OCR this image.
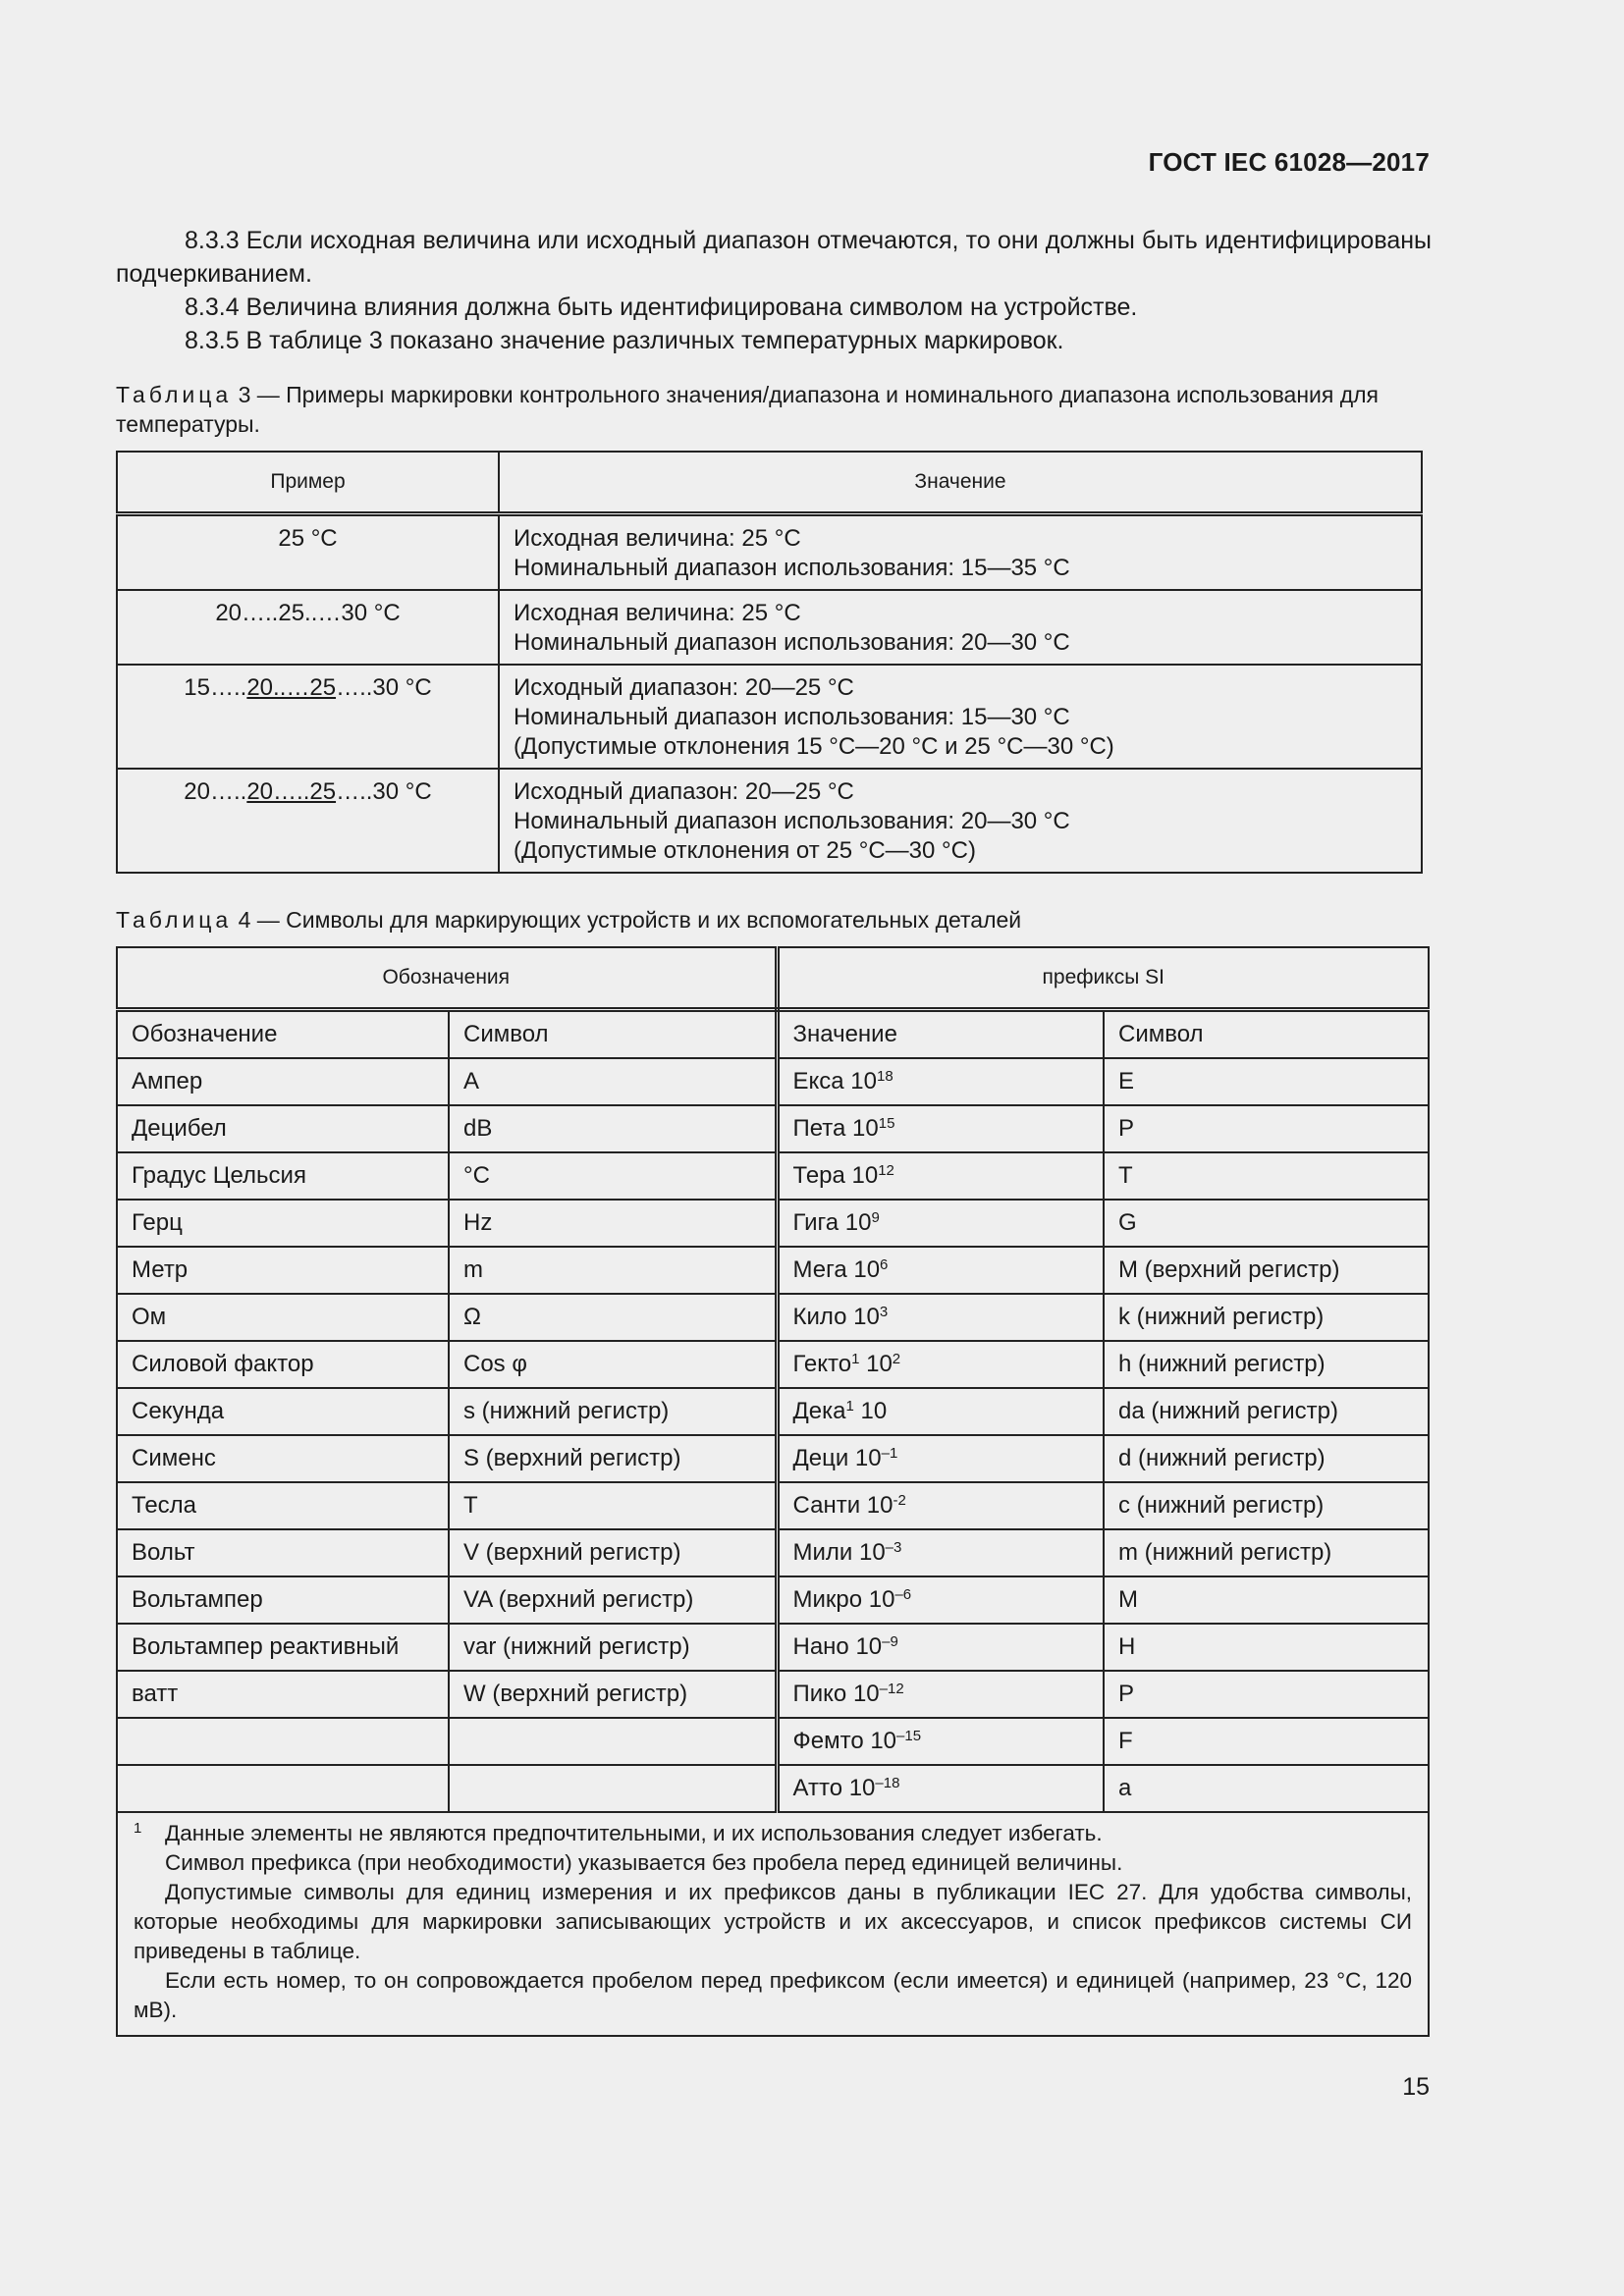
ГОСТ IEC 61028—2017
8.3.3 Если исходная величина или исходный диапазон отмечаются, то они должны быть идентифицированы подчеркиванием.
8.3.4 Величина влияния должна быть идентифицирована символом на устройстве.
8.3.5 В таблице 3 показано значение различных температурных маркировок.
Таблица 3 — Примеры маркировки контрольного значения/диапазона и номинального диапазона использования для температуры.
Пример	Значение
25 °C	Исходная величина: 25 °C
Номинальный диапазон использования: 15—35 °C

20…..25..…30 °C	Исходная величина: 25 °C
Номинальный диапазон использования: 20—30 °C

15…..20..…25…..30 °C	Исходный диапазон: 20—25 °C
Номинальный диапазон использования: 15—30 °C
(Допустимые отклонения 15 °C—20 °C и 25 °C—30 °C)

20…..20…..25…..30 °C	Исходный диапазон: 20—25 °C
Номинальный диапазон использования: 20—30 °C
(Допустимые отклонения от 25 °C—30 °C)
Таблица 4 — Символы для маркирующих устройств и их вспомогательных деталей
Обозначения		префиксы SI	
Обозначение	Символ	Значение	Символ
Ампер	A	Екса $10^{18}$	E
Децибел	dB	Пета $10^{15}$	P
Градус Цельсия	°C	Тера $10^{12}$	T
Герц	Hz	Гига $10^9$	G
Метр	m	Мега $10^6$	M (верхний регистр)
Ом	Ω	Кило $10^3$	k (нижний регистр)
Силовой фактор	Cos φ	Гекто$^1$ $10^2$	h (нижний регистр)
Секунда	s (нижний регистр)	Дека$^1$ 10	da (нижний регистр)
Сименс	S (верхний регистр)	Деци $10^{-1}$	d (нижний регистр)
Тесла	T	Санти $10^{-2}$	c (нижний регистр)
Вольт	V (верхний регистр)	Мили $10^{-3}$	m (нижний регистр)
Вольтампер	VA (верхний регистр)	Микро $10^{-6}$	M
Вольтампер реактивный	var (нижний регистр)	Нано $10^{-9}$	H
ватт	W (верхний регистр)	Пико $10^{-12}$	P
		Фемто $10^{-15}$	F
		Атто $10^{-18}$	a

$^1$ Данные элементы не являются предпочтительными, и их использования следует избегать.
Символ префикса (при необходимости) указывается без пробела перед единицей величины.
Допустимые символы для единиц измерения и их префиксов даны в публикации IEC 27. Для удобства символы, которые необходимы для маркировки записывающих устройств и их аксессуаров, и список префиксов системы СИ приведены в таблице.
Если есть номер, то он сопровождается пробелом перед префиксом (если имеется) и единицей (например, 23 °С, 120 мВ).			
15
